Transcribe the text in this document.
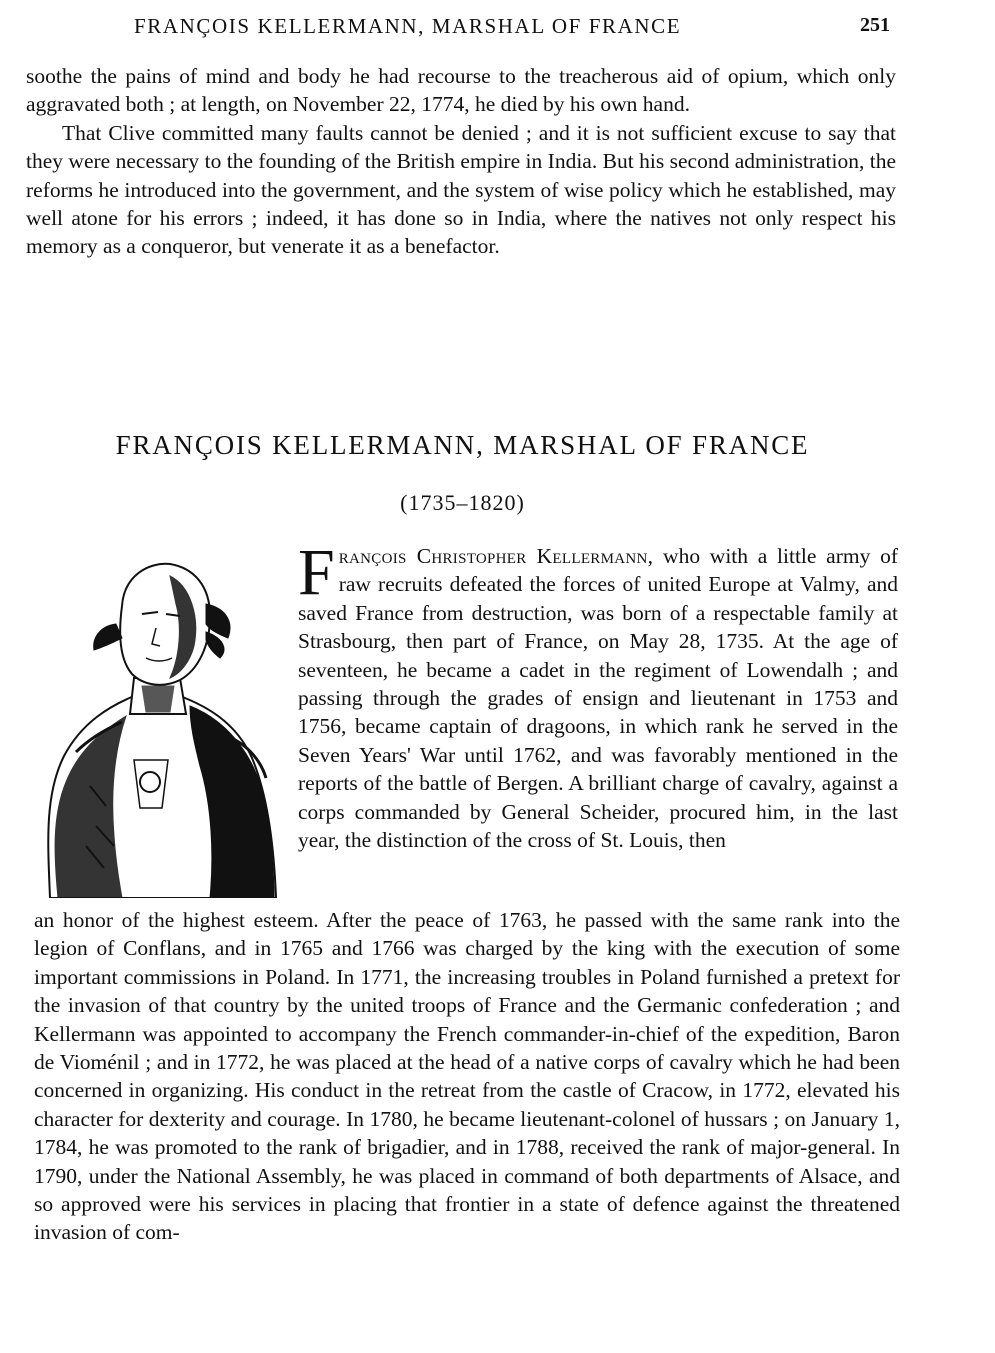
FRANÇOIS KELLERMANN, MARSHAL OF FRANCE	251

soothe the pains of mind and body he had recourse to the treacherous aid of opium, which only aggravated both ; at length, on November 22, 1774, he died by his own hand.

That Clive committed many faults cannot be denied ; and it is not sufficient excuse to say that they were necessary to the founding of the British empire in India. But his second administration, the reforms he introduced into the government, and the system of wise policy which he established, may well atone for his errors ; indeed, it has done so in India, where the natives not only respect his memory as a conqueror, but venerate it as a benefactor.

FRANÇOIS KELLERMANN, MARSHAL OF FRANCE
(1735–1820)

François Christopher Kellermann, who with a little army of raw recruits defeated the forces of united Europe at Valmy, and saved France from destruction, was born of a respectable family at Strasbourg, then part of France, on May 28, 1735. At the age of seventeen, he became a cadet in the regiment of Lowendalh ; and passing through the grades of ensign and lieutenant in 1753 and 1756, became captain of dragoons, in which rank he served in the Seven Years' War until 1762, and was favorably mentioned in the reports of the battle of Bergen. A brilliant charge of cavalry, against a corps commanded by General Scheider, procured him, in the last year, the distinction of the cross of St. Louis, then

an honor of the highest esteem. After the peace of 1763, he passed with the same rank into the legion of Conflans, and in 1765 and 1766 was charged by the king with the execution of some important commissions in Poland. In 1771, the increasing troubles in Poland furnished a pretext for the invasion of that country by the united troops of France and the Germanic confederation ; and Kellermann was appointed to accompany the French commander-in-chief of the expedition, Baron de Vioménil ; and in 1772, he was placed at the head of a native corps of cavalry which he had been concerned in organizing. His conduct in the retreat from the castle of Cracow, in 1772, elevated his character for dexterity and courage. In 1780, he became lieutenant-colonel of hussars ; on January 1, 1784, he was promoted to the rank of brigadier, and in 1788, received the rank of major-general. In 1790, under the National Assembly, he was placed in command of both departments of Alsace, and so approved were his services in placing that frontier in a state of defence against the threatened invasion of com-
